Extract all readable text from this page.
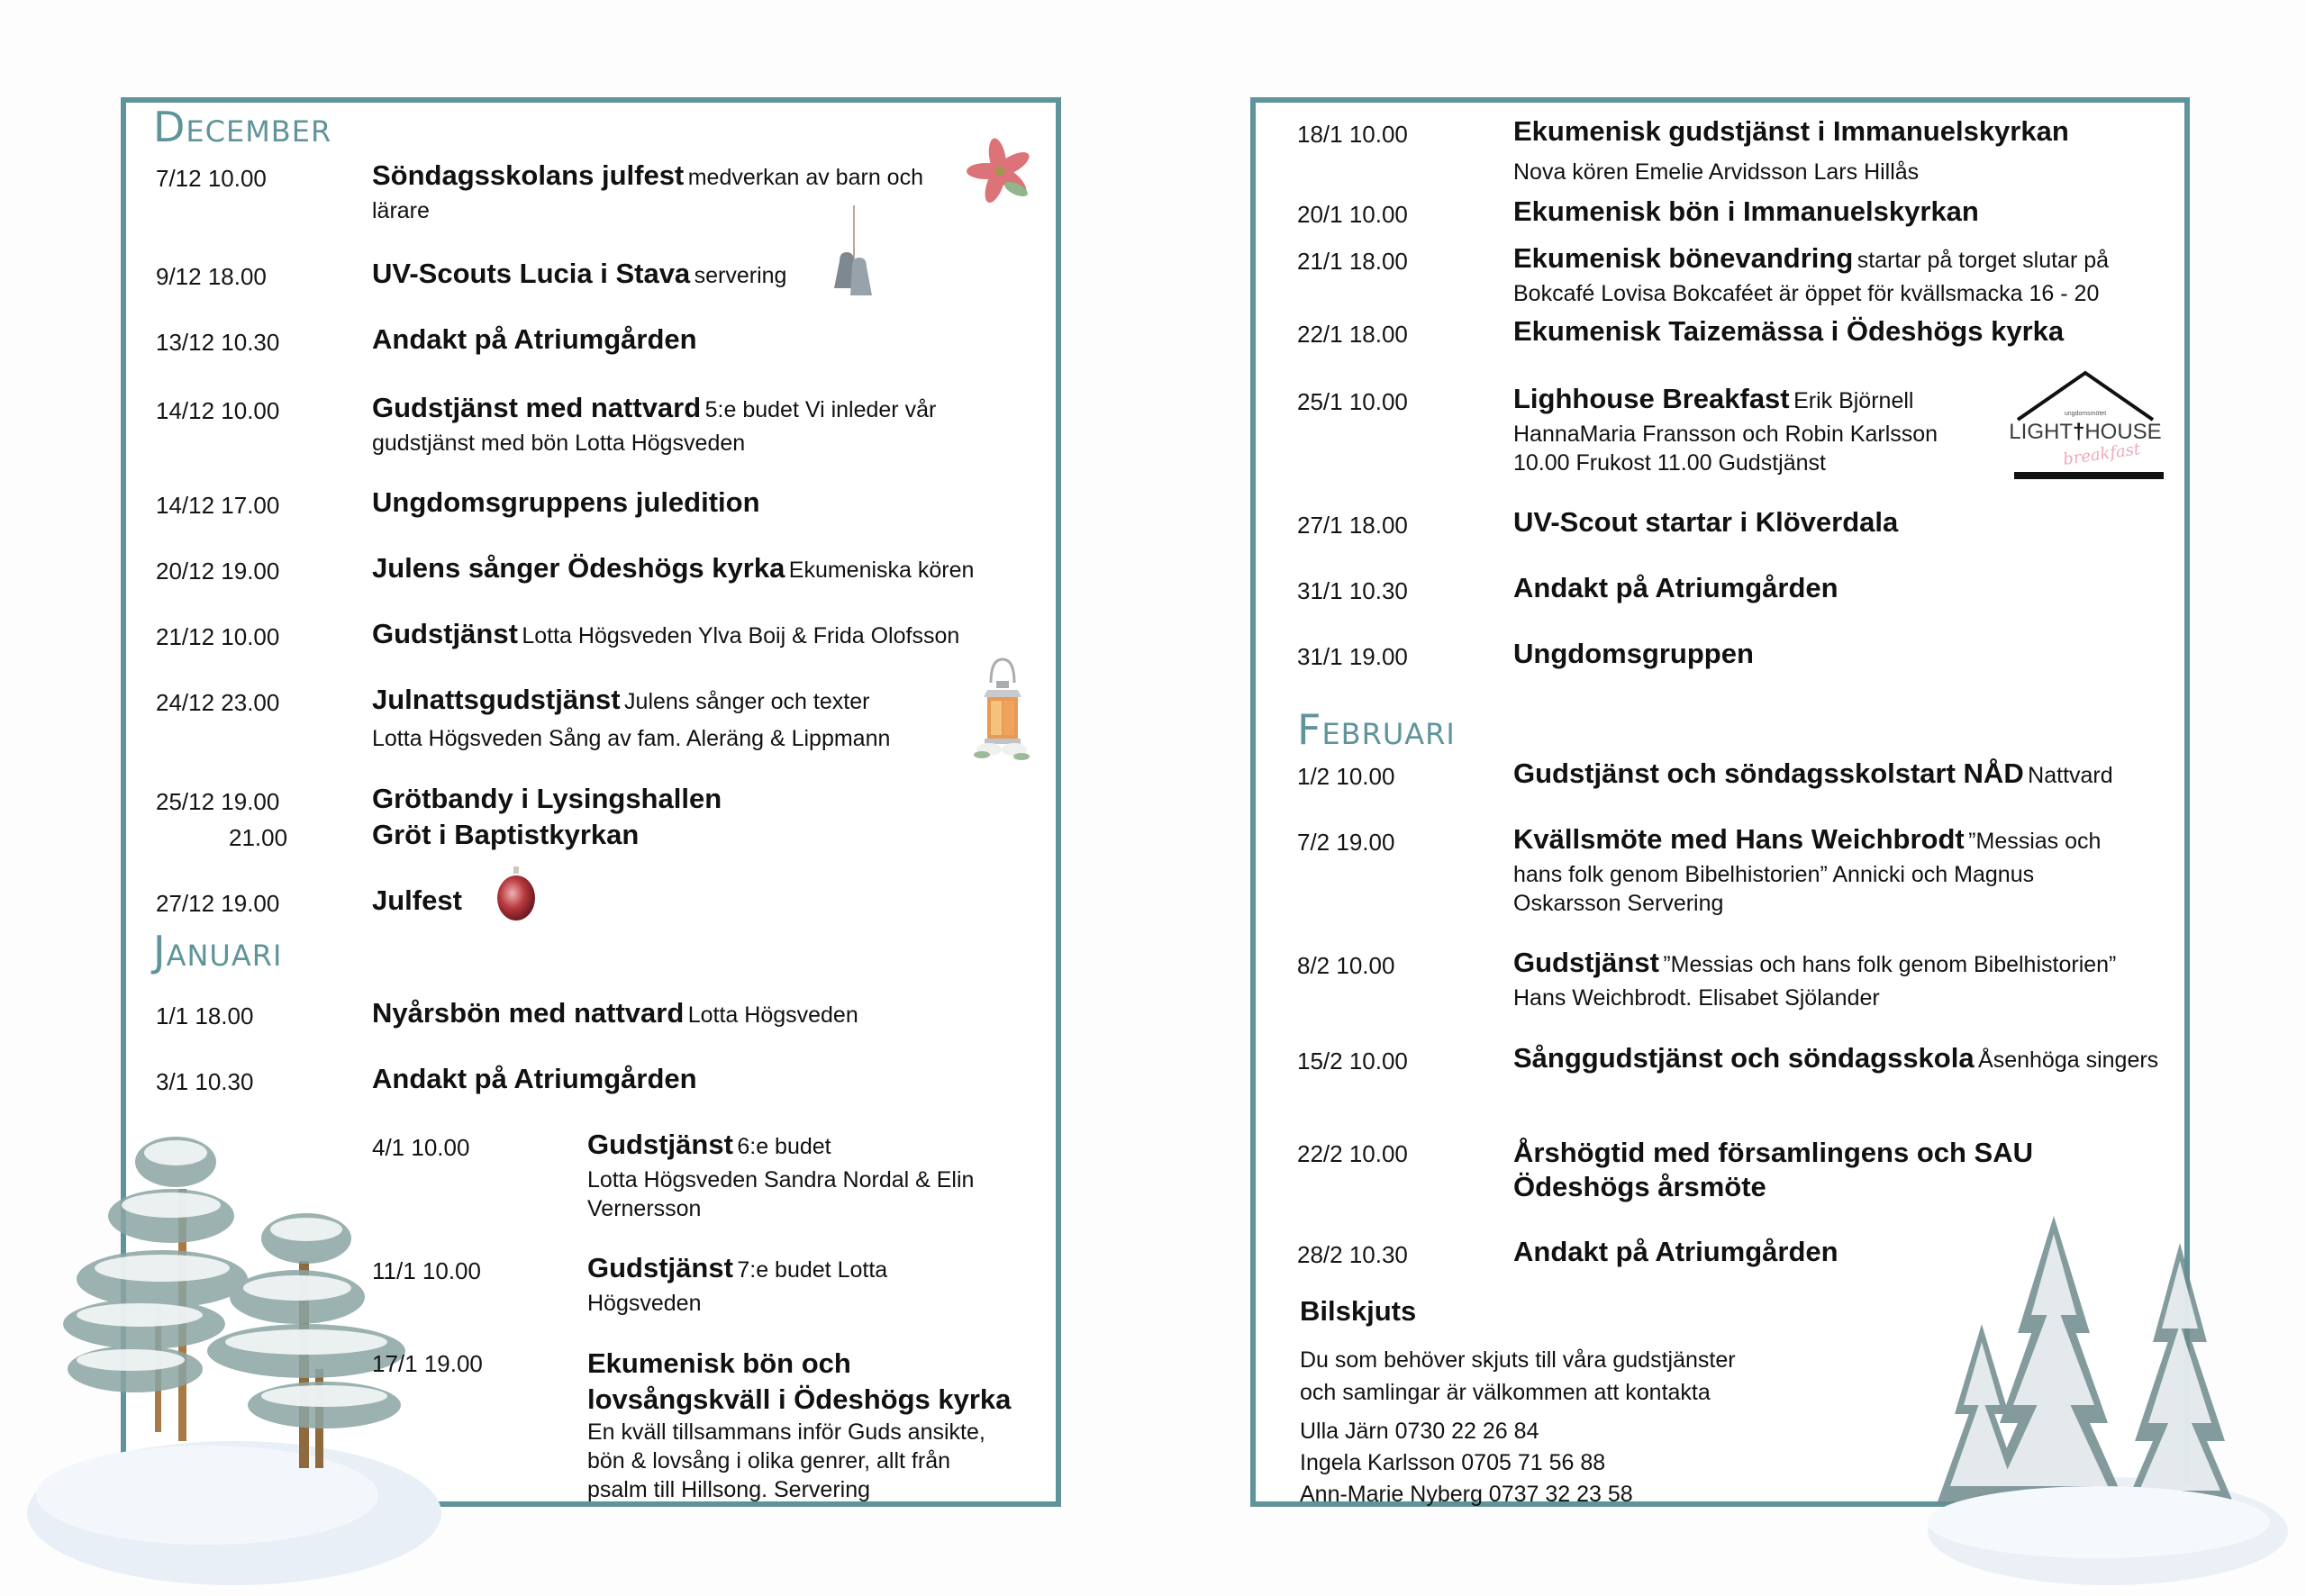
December
7/12 10.00	Söndagsskolans julfest medverkan av barn och
lärare
9/12 18.00	UV-Scouts Lucia i Stava servering
13/12 10.30	Andakt på Atriumgården
14/12 10.00	Gudstjänst med nattvard 5:e budet Vi inleder vår
gudstjänst med bön Lotta Högsveden
14/12 17.00	Ungdomsgruppens juledition
20/12 19.00	Julens sånger Ödeshögs kyrka Ekumeniska kören
21/12 10.00	Gudstjänst Lotta Högsveden Ylva Boij & Frida Olofsson
24/12 23.00	Julnattsgudstjänst Julens sånger och texter
Lotta Högsveden Sång av fam. Aleräng & Lippmann
25/12 19.00	Grötbandy i Lysingshallen
21.00	Gröt i Baptistkyrkan
27/12 19.00	Julfest
Januari
1/1 18.00	Nyårsbön med nattvard Lotta Högsveden
3/1 10.30	Andakt på Atriumgården
4/1 10.00	Gudstjänst 6:e budet
Lotta Högsveden Sandra Nordal & Elin
Vernersson
11/1 10.00	Gudstjänst 7:e budet Lotta
Högsveden
17/1 19.00	Ekumenisk bön och
lovsångskväll i Ödeshögs kyrka
En kväll tillsammans inför Guds ansikte,
bön & lovsång i olika genrer, allt från
psalm till Hillsong. Servering
18/1 10.00	Ekumenisk gudstjänst i Immanuelskyrkan
Nova kören Emelie Arvidsson Lars Hillås
20/1 10.00	Ekumenisk bön i Immanuelskyrkan
21/1 18.00	Ekumenisk bönevandring startar på torget slutar på
Bokcafé Lovisa Bokcaféet är öppet för kvällsmacka 16 - 20
22/1 18.00	Ekumenisk Taizemässa i Ödeshögs kyrka
25/1 10.00	Lighhouse Breakfast Erik Björnell
HannaMaria Fransson och Robin Karlsson
10.00 Frukost 11.00 Gudstjänst
ungdomsmötet
LIGHT†HOUSE
breakfast
27/1 18.00	UV-Scout startar i Klöverdala
31/1 10.30	Andakt på Atriumgården
31/1 19.00	Ungdomsgruppen
Februari
1/2 10.00	Gudstjänst och söndagsskolstart NÅD Nattvard
7/2 19.00	Kvällsmöte med Hans Weichbrodt ”Messias och
hans folk genom Bibelhistorien” Annicki och Magnus
Oskarsson Servering
8/2 10.00	Gudstjänst ”Messias och hans folk genom Bibelhistorien”
Hans Weichbrodt. Elisabet Sjölander
15/2 10.00	Sånggudstjänst och söndagsskola Åsenhöga singers
22/2 10.00	Årshögtid med församlingens och SAU
Ödeshögs årsmöte
28/2 10.30	Andakt på Atriumgården
Bilskjuts
Du som behöver skjuts till våra gudstjänster
och samlingar är välkommen att kontakta
Ulla Järn 0730 22 26 84
Ingela Karlsson 0705 71 56 88
Ann-Marie Nyberg 0737 32 23 58
